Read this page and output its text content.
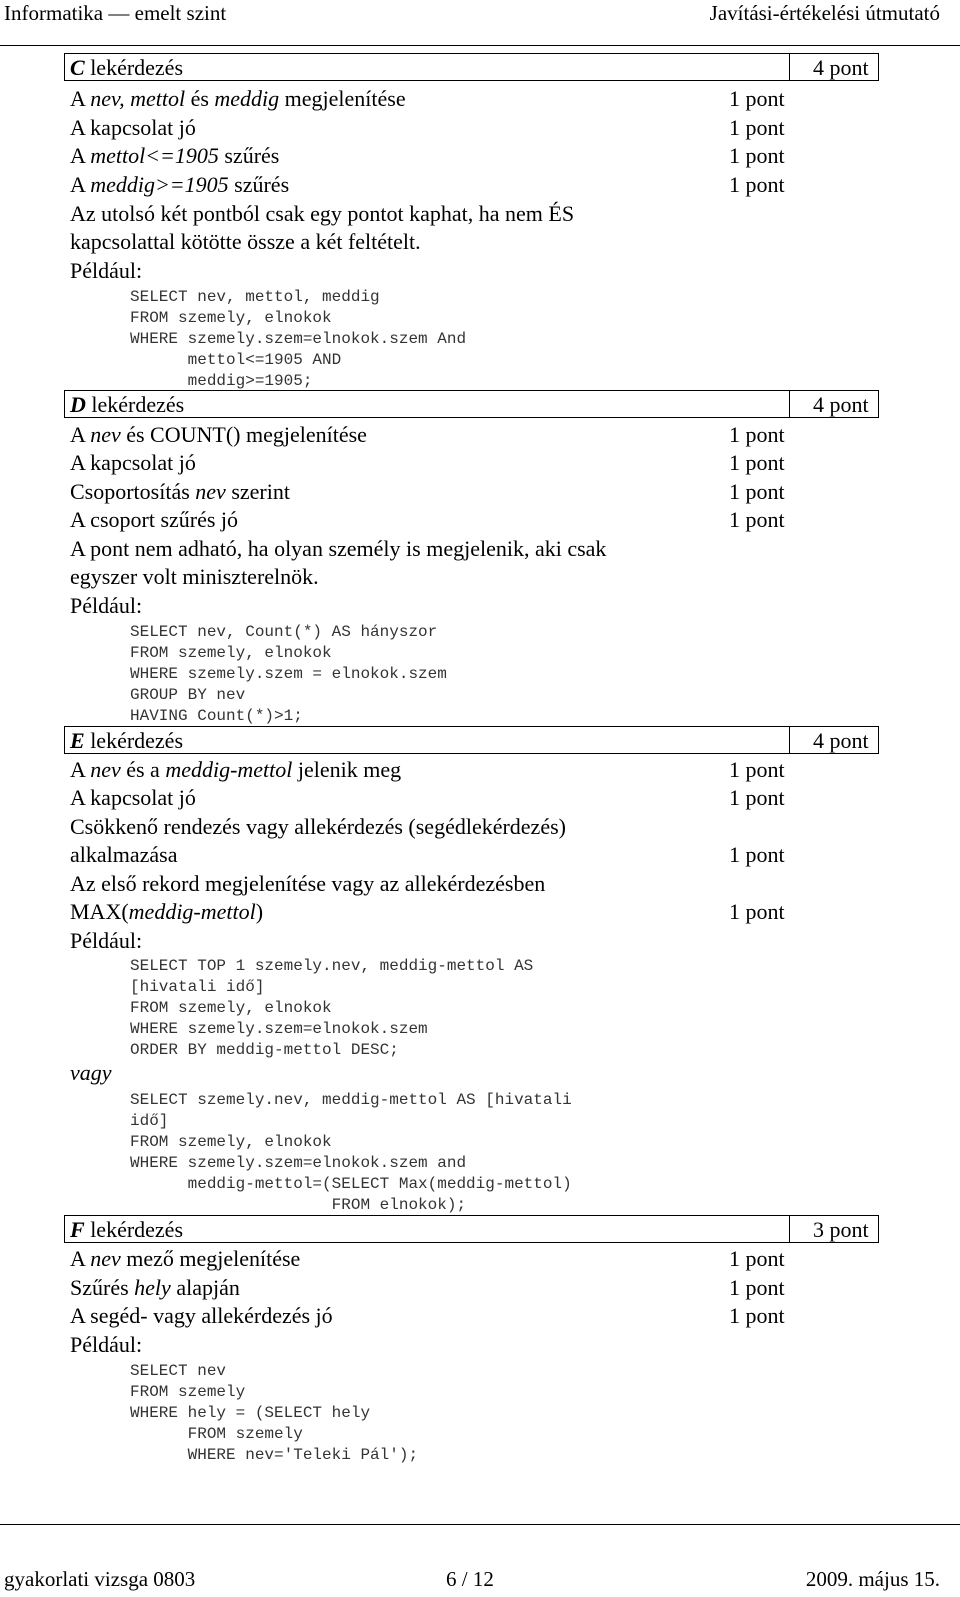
Informatika — emelt szint	Javítási-értékelési útmutató
C lekérdezés	4 pont
A nev, mettol és meddig megjelenítése	1 pont
A kapcsolat jó	1 pont
A mettol<=1905 szűrés	1 pont
A meddig>=1905 szűrés	1 pont
Az utolsó két pontból csak egy pontot kaphat, ha nem ÉS
kapcsolattal kötötte össze a két feltételt.
Például:
SELECT nev, mettol, meddig
FROM szemely, elnokok
WHERE szemely.szem=elnokok.szem And
mettol<=1905 AND
meddig>=1905;
D lekérdezés	4 pont
A nev és COUNT() megjelenítése	1 pont
A kapcsolat jó	1 pont
Csoportosítás nev szerint	1 pont
A csoport szűrés jó	1 pont
A pont nem adható, ha olyan személy is megjelenik, aki csak
egyszer volt miniszterelnök.
Például:
SELECT nev, Count(*) AS hányszor
FROM szemely, elnokok
WHERE szemely.szem = elnokok.szem
GROUP BY nev
HAVING Count(*)>1;
E lekérdezés	4 pont
A nev és a meddig-mettol jelenik meg	1 pont
A kapcsolat jó	1 pont
Csökkenő rendezés vagy allekérdezés (segédlekérdezés)
alkalmazása	1 pont
Az első rekord megjelenítése vagy az allekérdezésben
MAX(meddig-mettol)	1 pont
Például:
SELECT TOP 1 szemely.nev, meddig-mettol AS
[hivatali idő]
FROM szemely, elnokok
WHERE szemely.szem=elnokok.szem
ORDER BY meddig-mettol DESC;
vagy
SELECT szemely.nev, meddig-mettol AS [hivatali
idő]
FROM szemely, elnokok
WHERE szemely.szem=elnokok.szem and
meddig-mettol=(SELECT Max(meddig-mettol)
FROM elnokok);
F lekérdezés	3 pont
A nev mező megjelenítése	1 pont
Szűrés hely alapján	1 pont
A segéd- vagy allekérdezés jó	1 pont
Például:
SELECT nev
FROM szemely
WHERE hely = (SELECT hely
FROM szemely
WHERE nev='Teleki Pál');
gyakorlati vizsga 0803	6 / 12	2009. május 15.
